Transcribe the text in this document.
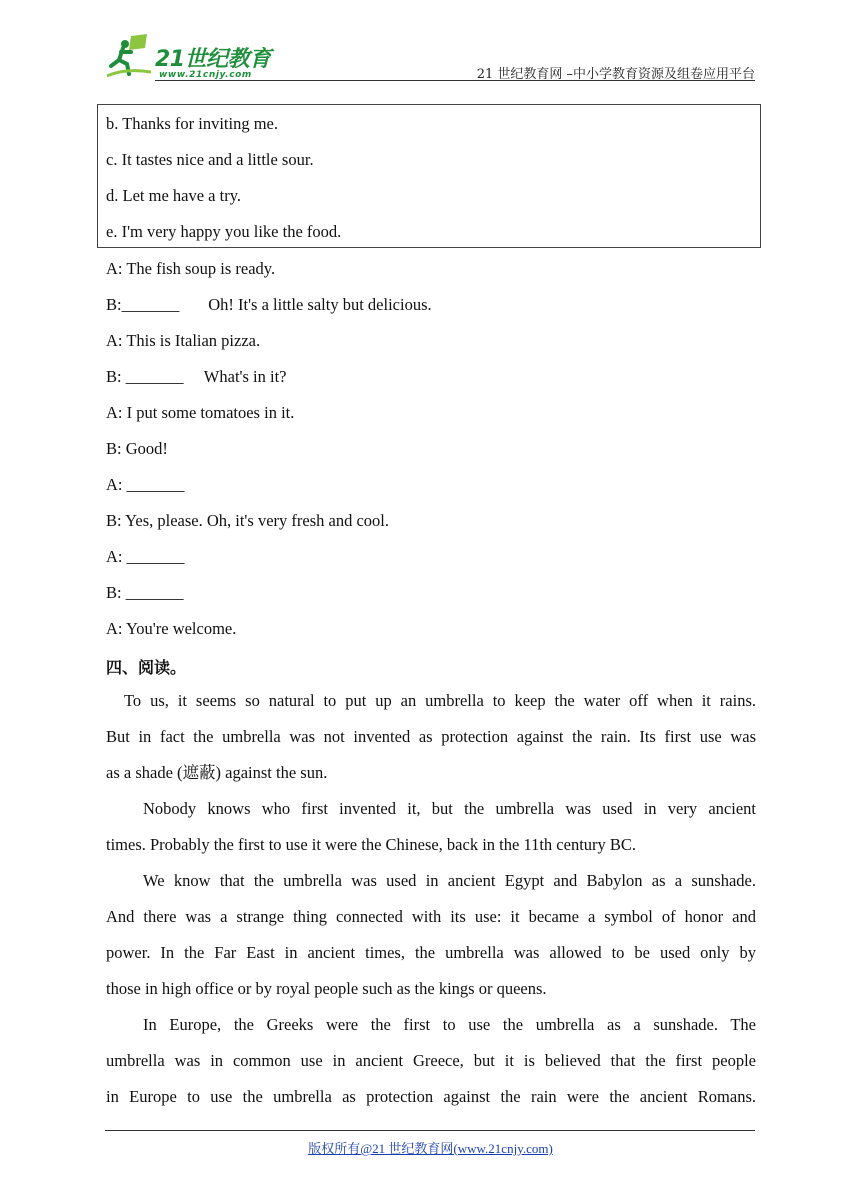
21世纪教育
www.21cnjy.com	21 世纪教育网 –中小学教育资源及组卷应用平台
b. Thanks for inviting me.
c. It tastes nice and a little sour.
d. Let me have a try.
e. I'm very happy you like the food.
A: The fish soup is ready.
B:_______       Oh! It's a little salty but delicious.
A: This is Italian pizza.
B: _______     What's in it?
A: I put some tomatoes in it.
B: Good!
A: _______
B: Yes, please. Oh, it's very fresh and cool.
A: _______
B: _______
A: You're welcome.
四、阅读。
To us, it seems so natural to put up an umbrella to keep the water off when it rains.
But in fact the umbrella was not invented as protection against the rain. Its first use was
as a shade (遮蔽) against the sun.
Nobody knows who first invented it, but the umbrella was used in very ancient
times. Probably the first to use it were the Chinese, back in the 11th century BC.
We know that the umbrella was used in ancient Egypt and Babylon as a sunshade.
And there was a strange thing connected with its use: it became a symbol of honor and
power. In the Far East in ancient times, the umbrella was allowed to be used only by
those in high office or by royal people such as the kings or queens.
In Europe, the Greeks were the first to use the umbrella as a sunshade. The
umbrella was in common use in ancient Greece, but it is believed that the first people
in Europe to use the umbrella as protection against the rain were the ancient Romans.
版权所有@21 世纪教育网(www.21cnjy.com)
